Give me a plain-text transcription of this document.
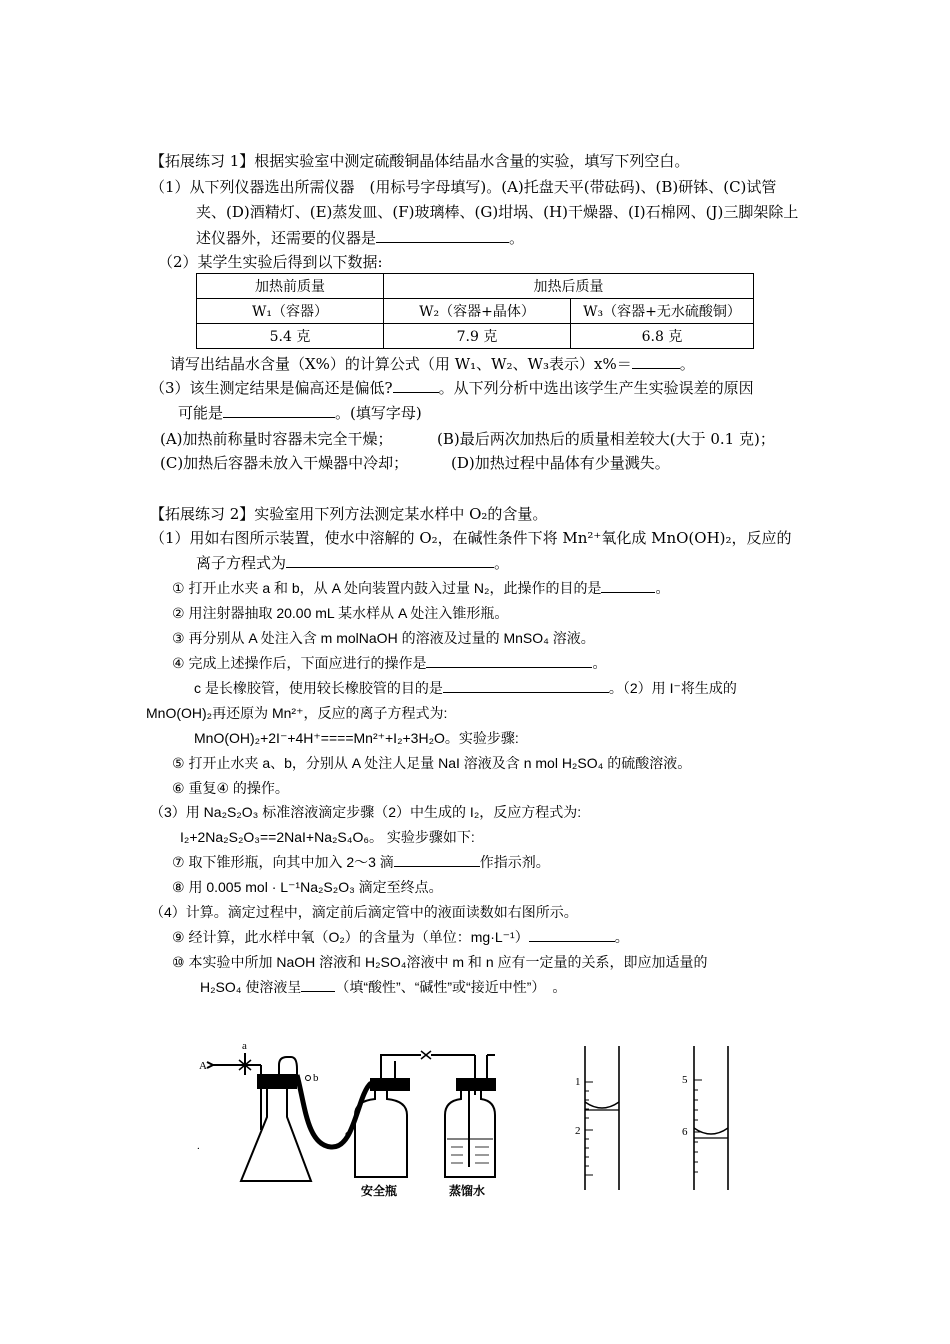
【拓展练习 1】根据实验室中测定硫酸铜晶体结晶水含量的实验，填写下列空白。
（1）从下列仪器选出所需仪器　(用标号字母填写)。(A)托盘天平(带砝码)、(B)研钵、(C)试管
夹、(D)酒精灯、(E)蒸发皿、(F)玻璃棒、(G)坩埚、(H)干燥器、(I)石棉网、(J)三脚架除上
述仪器外，还需要的仪器是	。
（2）某学生实验后得到以下数据:
加热前质量	加热后质量	
W₁（容器）	W₂（容器+晶体）	W₃（容器+无水硫酸铜）
5.4 克	7.9 克	6.8 克
请写出结晶水含量（X%）的计算公式（用 W₁、W₂、W₃表示）x%＝	。
（3）该生测定结果是偏高还是偏低?	。从下列分析中选出该学生产生实验误差的原因
可能是	。(填写字母)
(A)加热前称量时容器未完全干燥；	(B)最后两次加热后的质量相差较大(大于 0.1 克)；
(C)加热后容器未放入干燥器中冷却；	(D)加热过程中晶体有少量溅失。
【拓展练习 2】实验室用下列方法测定某水样中 O₂的含量。
（1）用如右图所示装置，使水中溶解的 O₂，在碱性条件下将 Mn²⁺氧化成 MnO(OH)₂，反应的
离子方程式为	。
① 打开止水夹 a 和 b，从 A 处向装置内鼓入过量 N₂，此操作的目的是	。
② 用注射器抽取 20.00 mL 某水样从 A 处注入锥形瓶。
③ 再分别从 A 处注入含 m molNaOH 的溶液及过量的 MnSO₄ 溶液。
④ 完成上述操作后，下面应进行的操作是	。
c 是长橡胶管，使用较长橡胶管的目的是	。（2）用 I⁻将生成的
MnO(OH)₂再还原为 Mn²⁺，反应的离子方程式为:
MnO(OH)₂+2I⁻+4H⁺====Mn²⁺+I₂+3H₂O。实验步骤:
⑤ 打开止水夹 a、b，分别从 A 处注人足量 NaI 溶液及含 n mol H₂SO₄ 的硫酸溶液。
⑥ 重复④ 的操作。
（3）用 Na₂S₂O₃ 标准溶液滴定步骤（2）中生成的 I₂，反应方程式为:
I₂+2Na₂S₂O₃==2NaI+Na₂S₄O₆。 实验步骤如下:
⑦ 取下锥形瓶，向其中加入 2～3 滴	作指示剂。
⑧ 用 0.005 mol · L⁻¹Na₂S₂O₃ 滴定至终点。
（4）计算。滴定过程中，滴定前后滴定管中的液面读数如右图所示。
⑨ 经计算，此水样中氧（O₂）的含量为（单位：mg·L⁻¹）	。
⑩ 本实验中所加 NaOH 溶液和 H₂SO₄溶液中 m 和 n 应有一定量的关系，即应加适量的
H₂SO₄ 使溶液呈 （填“酸性”、“碱性”或“接近中性”）　。
A
a
b
c
.
安全瓶	蒸馏水
1
2
5
6
